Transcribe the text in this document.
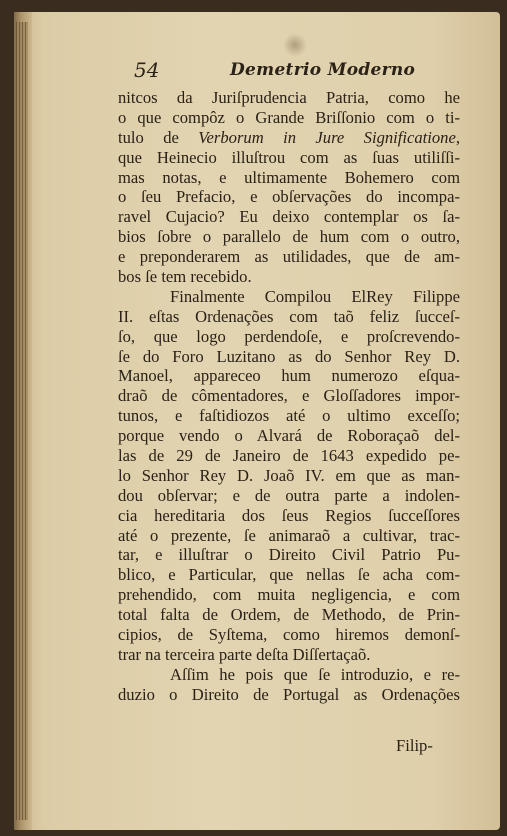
54	Demetrio Moderno
nitcos da Juriſprudencia Patria, como he
o que compôz o Grande Briſſonio com o ti-
tulo de Verborum in Jure Significatione,
que Heinecio illuſtrou com as ſuas utiliſſi-
mas notas, e ultimamente Bohemero com
o ſeu Prefacio, e obſervações do incompa-
ravel Cujacio? Eu deixo contemplar os ſa-
bios ſobre o parallelo de hum com o outro,
e preponderarem as utilidades, que de am-
bos ſe tem recebido.
Finalmente Compilou ElRey Filippe
II. eſtas Ordenações com taõ feliz ſucceſ-
ſo, que logo perdendoſe, e proſcrevendo-
ſe do Foro Luzitano as do Senhor Rey D.
Manoel, appareceo hum numerozo eſqua-
draõ de cômentadores, e Gloſſadores impor-
tunos, e faſtidiozos até o ultimo exceſſo;
porque vendo o Alvará de Roboraçaõ del-
las de 29 de Janeiro de 1643 expedido pe-
lo Senhor Rey D. Joaõ IV. em que as man-
dou obſervar; e de outra parte a indolen-
cia hereditaria dos ſeus Regios ſucceſſores
até o prezente, ſe animaraõ a cultivar, trac-
tar, e illuſtrar o Direito Civil Patrio Pu-
blico, e Particular, que nellas ſe acha com-
prehendido, com muita negligencia, e com
total falta de Ordem, de Methodo, de Prin-
cipios, de Syſtema, como hiremos demonſ-
trar na terceira parte deſta Diſſertaçaõ.
Aſſim he pois que ſe introduzio, e re-
duzio o Direito de Portugal as Ordenações
Filip-
